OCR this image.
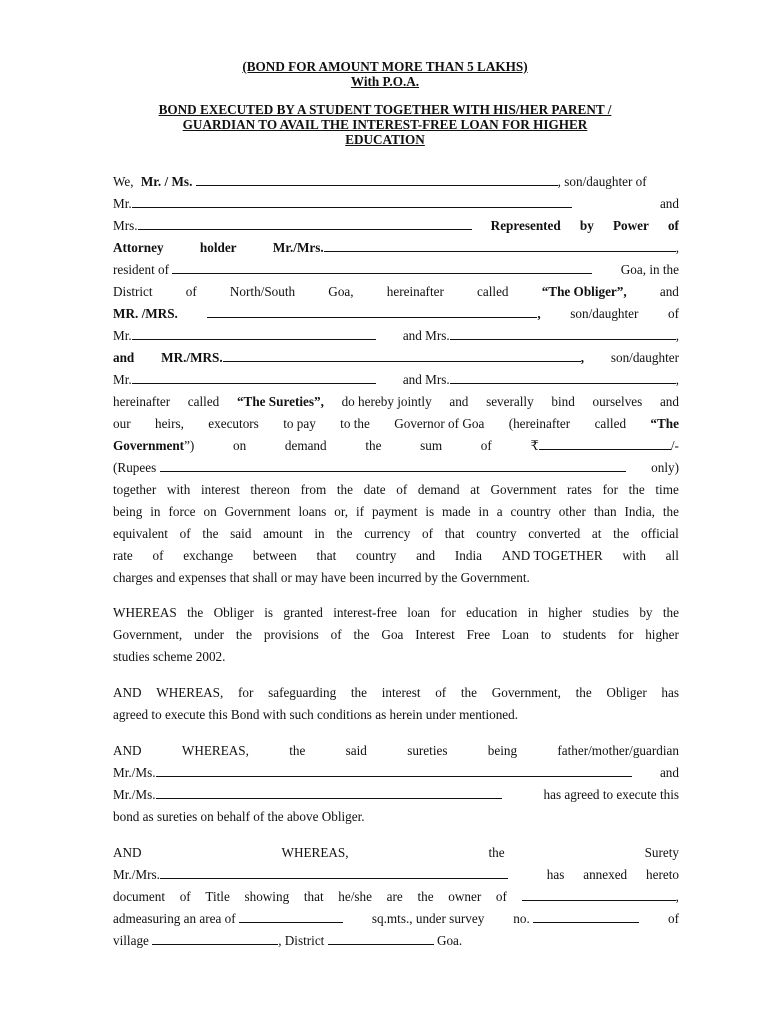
(BOND FOR AMOUNT MORE THAN 5 LAKHS)
With P.O.A.
BOND EXECUTED BY A STUDENT TOGETHER WITH HIS/HER PARENT /
GUARDIAN TO AVAIL THE INTEREST-FREE LOAN FOR HIGHER
EDUCATION
We, Mr. / Ms.	, son/daughter of
Mr.	and
Mrs.	Represented by Power of
Attorney	holder	Mr./Mrs.	,
resident of	Goa, in the
District	of	North/South	Goa,	hereinafter	called	“The Obliger”,	and
MR. /MRS.	, son/daughter of
Mr.	and Mrs.	,
and MR./MRS.	, son/daughter
Mr.	and Mrs.	,
hereinafter called “The Sureties”, do hereby jointly and severally bind ourselves and
our heirs, executors to pay to the Governor of Goa (hereinafter called “The
Government”)	on	demand	the	sum	of	₹	/-
(Rupees	only)
together with interest thereon from the date of demand at Government rates for the time
being in force on Government loans or, if payment is made in a country other than India, the
equivalent of the said amount in the currency of that country converted at the official
rate of exchange between that country and India AND TOGETHER with all
charges and expenses that shall or may have been incurred by the Government.
WHEREAS the Obliger is granted interest-free loan for education in higher studies by the
Government, under the provisions of the Goa Interest Free Loan to students for higher
studies scheme 2002.
AND WHEREAS, for safeguarding the interest of the Government, the Obliger has
agreed to execute this Bond with such conditions as herein under mentioned.
AND	WHEREAS,	the	said	sureties	being	father/mother/guardian
Mr./Ms.	and
Mr./Ms.	has agreed to execute this
bond as sureties on behalf of the above Obliger.
AND	WHEREAS,	the	Surety
Mr./Mrs.	has annexed hereto
document of Title showing that he/she are the owner of	,
admeasuring an area of	sq.mts., under survey no.	of
village	, District	Goa.
